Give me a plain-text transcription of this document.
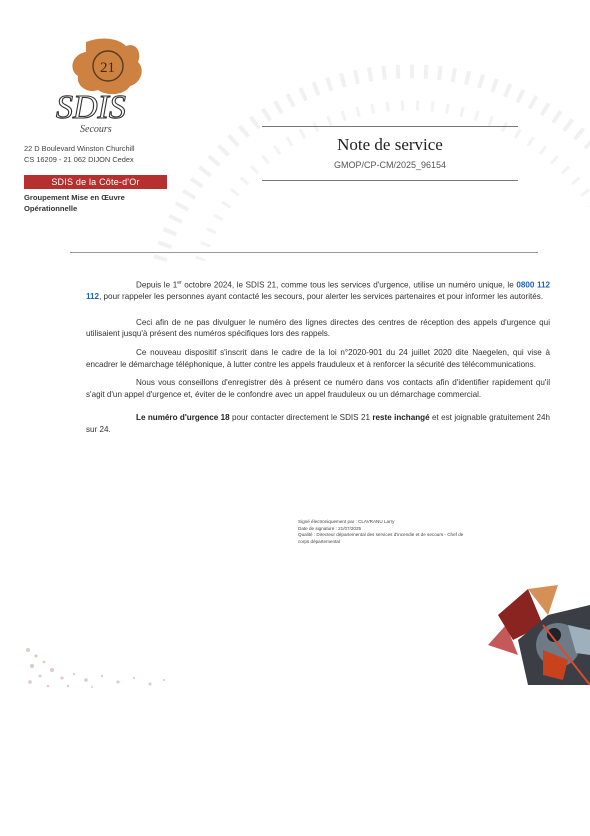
21
SDIS
Secours
22 D Boulevard Winston Churchill
CS 16209 - 21 062 DIJON Cedex
SDIS de la Côte-d'Or
Groupement Mise en Œuvre
Opérationnelle
Note de service
GMOP/CP-CM/2025_96154

Depuis le 1er octobre 2024, le SDIS 21, comme tous les services d'urgence, utilise un numéro unique, le 0800 112 112, pour rappeler les personnes ayant contacté les secours, pour alerter les services partenaires et pour informer les autorités.

Ceci afin de ne pas divulguer le numéro des lignes directes des centres de réception des appels d'urgence qui utilisaient jusqu'à présent des numéros spécifiques lors des rappels.

Ce nouveau dispositif s'inscrit dans le cadre de la loi n°2020-901 du 24 juillet 2020 dite Naegelen, qui vise à encadrer le démarchage téléphonique, à lutter contre les appels frauduleux et à renforcer la sécurité des télécommunications.

Nous vous conseillons d'enregistrer dès à présent ce numéro dans vos contacts afin d'identifier rapidement qu'il s'agit d'un appel d'urgence et, éviter de le confondre avec un appel frauduleux ou un démarchage commercial.

Le numéro d'urgence 18 pour contacter directement le SDIS 21 reste inchangé et est joignable gratuitement 24h sur 24.

Signé électroniquement par : CLAVRANU Larry
Date de signature : 21/07/2025
Qualité : Directeur départemental des services d'incendie et de secours - Chef de
corps départemental
